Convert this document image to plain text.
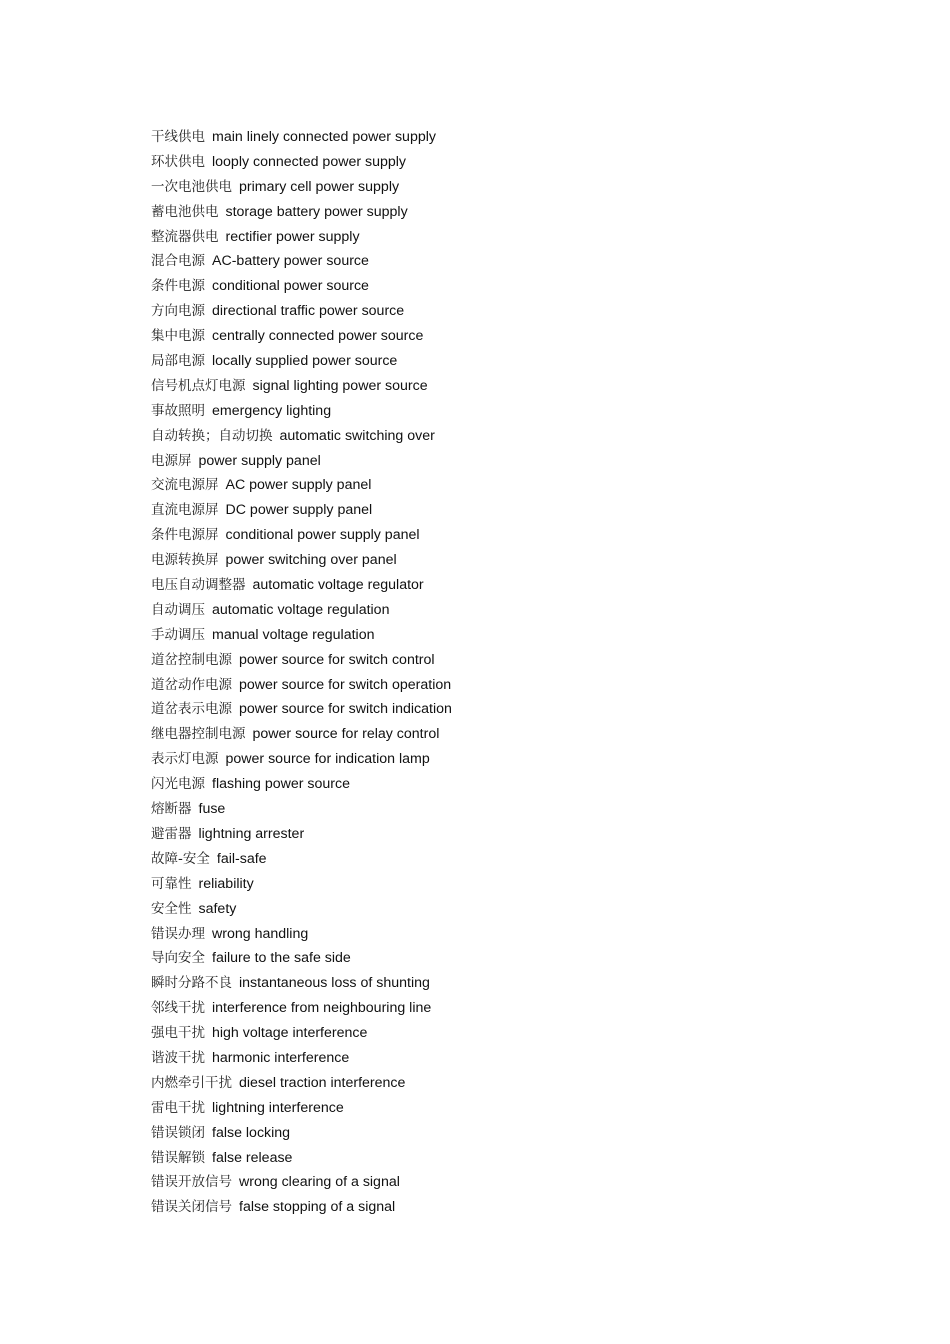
干线供电 main linely connected power supply
环状供电 looply connected power supply
一次电池供电 primary cell power supply
蓄电池供电 storage battery power supply
整流器供电 rectifier power supply
混合电源 AC-battery power source
条件电源 conditional power source
方向电源 directional traffic power source
集中电源 centrally connected power source
局部电源 locally supplied power source
信号机点灯电源 signal lighting power source
事故照明 emergency lighting
自动转换；自动切换 automatic switching over
电源屏 power supply panel
交流电源屏 AC power supply panel
直流电源屏 DC power supply panel
条件电源屏 conditional power supply panel
电源转换屏 power switching over panel
电压自动调整器 automatic voltage regulator
自动调压 automatic voltage regulation
手动调压 manual voltage regulation
道岔控制电源 power source for switch control
道岔动作电源 power source for switch operation
道岔表示电源 power source for switch indication
继电器控制电源 power source for relay control
表示灯电源 power source for indication lamp
闪光电源 flashing power source
熔断器 fuse
避雷器 lightning arrester
故障-安全 fail-safe
可靠性 reliability
安全性 safety
错误办理 wrong handling
导向安全 failure to the safe side
瞬时分路不良 instantaneous loss of shunting
邻线干扰 interference from neighbouring line
强电干扰 high voltage interference
谐波干扰 harmonic interference
内燃牵引干扰 diesel traction interference
雷电干扰 lightning interference
错误锁闭 false locking
错误解锁 false release
错误开放信号 wrong clearing of a signal
错误关闭信号 false stopping of a signal
